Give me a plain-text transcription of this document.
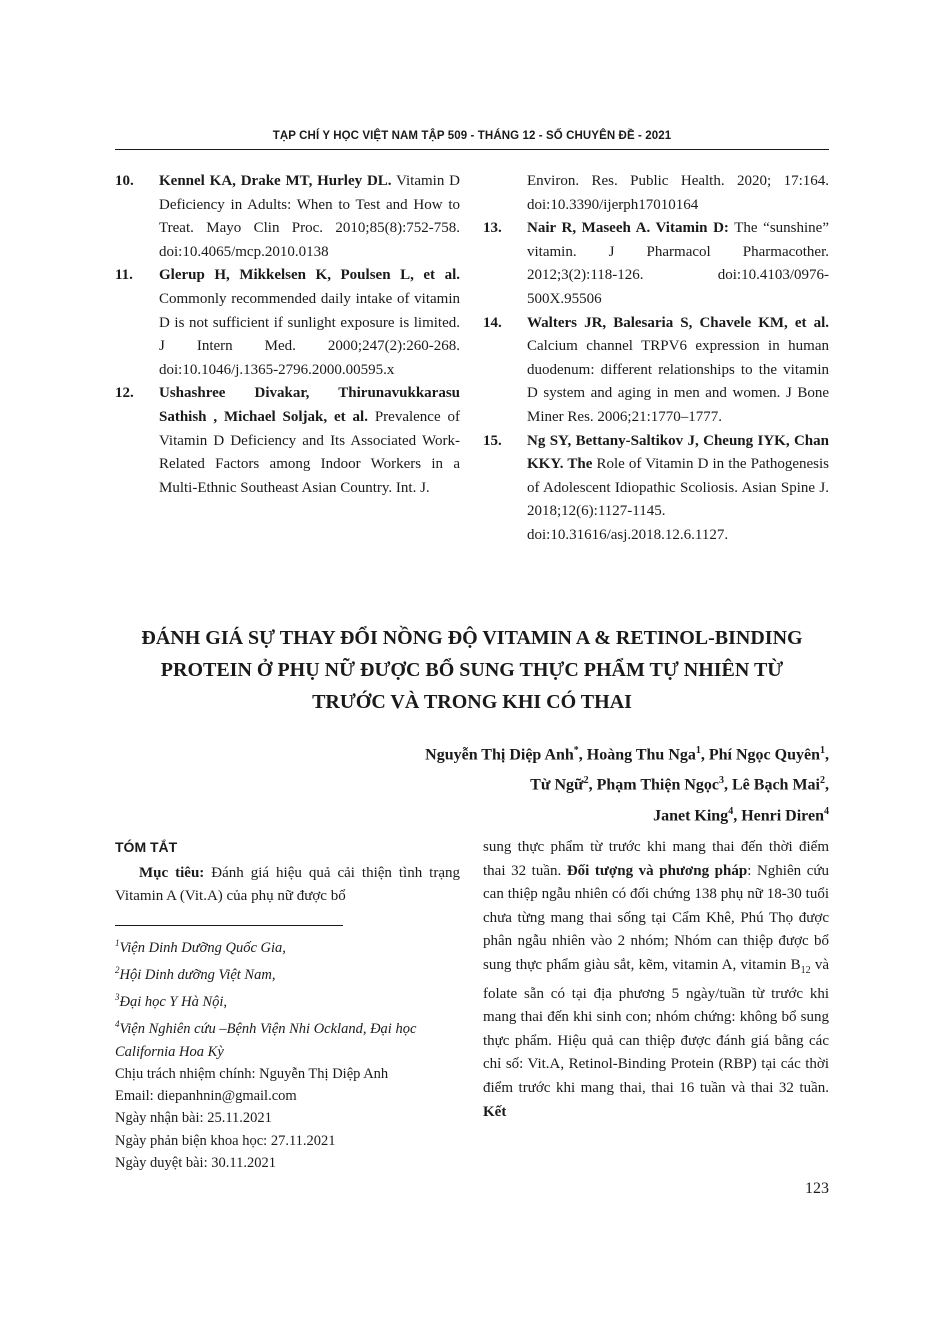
TẠP CHÍ Y HỌC VIỆT NAM TẬP 509 - THÁNG 12 - SỐ CHUYÊN ĐỀ - 2021
10.	Kennel KA, Drake MT, Hurley DL. Vitamin D Deficiency in Adults: When to Test and How to Treat. Mayo Clin Proc. 2010;85(8):752-758. doi:10.4065/mcp.2010.0138
11.	Glerup H, Mikkelsen K, Poulsen L, et al. Commonly recommended daily intake of vitamin D is not sufficient if sunlight exposure is limited. J Intern Med. 2000;247(2):260-268. doi:10.1046/j.1365-2796.2000.00595.x
12.	Ushashree Divakar, Thirunavukkarasu Sathish , Michael Soljak, et al. Prevalence of Vitamin D Deficiency and Its Associated Work-Related Factors among Indoor Workers in a Multi-Ethnic Southeast Asian Country. Int. J.
Environ. Res. Public Health. 2020; 17:164. doi:10.3390/ijerph17010164
13.	Nair R, Maseeh A. Vitamin D: The “sunshine” vitamin. J Pharmacol Pharmacother. 2012;3(2):118-126. doi:10.4103/0976-500X.95506
14.	Walters JR, Balesaria S, Chavele KM, et al. Calcium channel TRPV6 expression in human duodenum: different relationships to the vitamin D system and aging in men and women. J Bone Miner Res. 2006;21:1770–1777.
15.	Ng SY, Bettany-Saltikov J, Cheung IYK, Chan KKY. The Role of Vitamin D in the Pathogenesis of Adolescent Idiopathic Scoliosis. Asian Spine J. 2018;12(6):1127-1145. doi:10.31616/asj.2018.12.6.1127.
ĐÁNH GIÁ SỰ THAY ĐỔI NỒNG ĐỘ VITAMIN A & RETINOL-BINDING
PROTEIN Ở PHỤ NỮ ĐƯỢC BỔ SUNG THỰC PHẨM TỰ NHIÊN TỪ
TRƯỚC VÀ TRONG KHI CÓ THAI
Nguyễn Thị Diệp Anh*, Hoàng Thu Nga$^1$, Phí Ngọc Quyên$^1$,
Từ Ngữ$^2$, Phạm Thiện Ngọc$^3$, Lê Bạch Mai$^2$,
Janet King$^4$, Henri Diren$^4$
TÓM TẮT
Mục tiêu: Đánh giá hiệu quả cải thiện tình trạng Vitamin A (Vit.A) của phụ nữ được bổ
$^1$Viện Dinh Dưỡng Quốc Gia,
$^2$Hội Dinh dưỡng Việt Nam,
$^3$Đại học Y Hà Nội,
$^4$Viện Nghiên cứu –Bệnh Viện Nhi Ockland, Đại học California Hoa Kỳ
Chịu trách nhiệm chính: Nguyễn Thị Diệp Anh
Email: diepanhnin@gmail.com
Ngày nhận bài: 25.11.2021
Ngày phản biện khoa học: 27.11.2021
Ngày duyệt bài: 30.11.2021
sung thực phẩm từ trước khi mang thai đến thời điểm thai 32 tuần. Đối tượng và phương pháp: Nghiên cứu can thiệp ngẫu nhiên có đối chứng 138 phụ nữ 18-30 tuổi chưa từng mang thai sống tại Cẩm Khê, Phú Thọ được phân ngẫu nhiên vào 2 nhóm; Nhóm can thiệp được bổ sung thực phẩm giàu sắt, kẽm, vitamin A, vitamin $B_{12}$ và folate sẵn có tại địa phương 5 ngày/tuần từ trước khi mang thai đến khi sinh con; nhóm chứng: không bổ sung thực phẩm. Hiệu quả can thiệp được đánh giá bằng các chỉ số: Vit.A, Retinol-Binding Protein (RBP) tại các thời điểm trước khi mang thai, thai 16 tuần và thai 32 tuần. Kết
123
